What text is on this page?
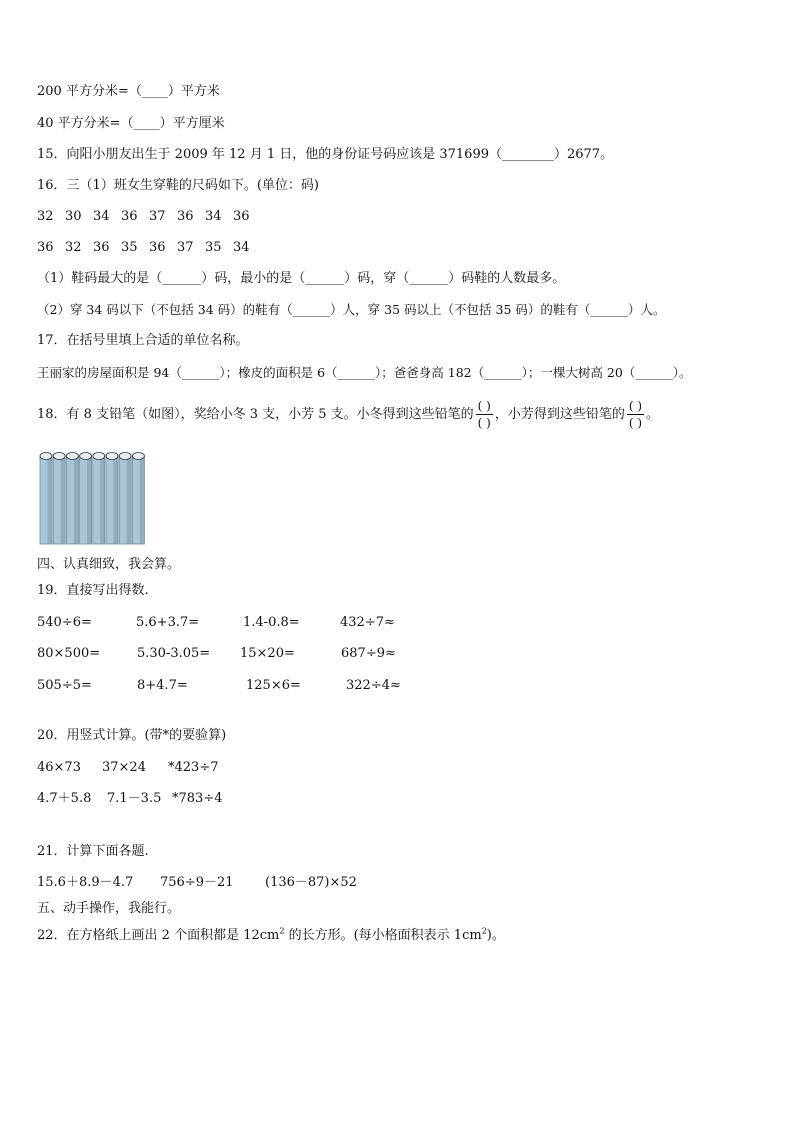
200 平方分米=（____）平方米
40 平方分米=（____）平方厘米
15．向阳小朋友出生于 2009 年 12 月 1 日，他的身份证号码应该是 371699（________）2677。
16．三（1）班女生穿鞋的尺码如下。(单位：码)
32 30 34 36 37 36 34 36
36 32 36 35 36 37 35 34
（1）鞋码最大的是（______）码，最小的是（______）码，穿（______）码鞋的人数最多。
（2）穿 34 码以下（不包括 34 码）的鞋有（______）人，穿 35 码以上（不包括 35 码）的鞋有（______）人。
17．在括号里填上合适的单位名称。
王丽家的房屋面积是 94（______）；橡皮的面积是 6（______）；爸爸身高 182（______）；一棵大树高 20（______）。
18．有 8 支铅笔（如图），奖给小冬 3 支，小芳 5 支。小冬得到这些铅笔的 $\frac{( )}{( )}$ ，小芳得到这些铅笔的 $\frac{( )}{( )}$ 。
四、认真细致，我会算。
19．直接写出得数.
540÷6=	5.6+3.7=	1.4-0.8=	432÷7≈
80×500=	5.30-3.05= 15×20=	687÷9≈
505÷5=	8+4.7=	125×6=	322÷4≈
20．用竖式计算。(带*的要验算)
46×73 37×24 *423÷7
4.7＋5.8 7.1－3.5 *783÷4
21．计算下面各题.
15.6＋8.9－4.7 756÷9－21 (136－87)×52
五、动手操作，我能行。
22．在方格纸上画出 2 个面积都是 $12cm^2$ 的长方形。(每小格面积表示 $1cm^2$)。
